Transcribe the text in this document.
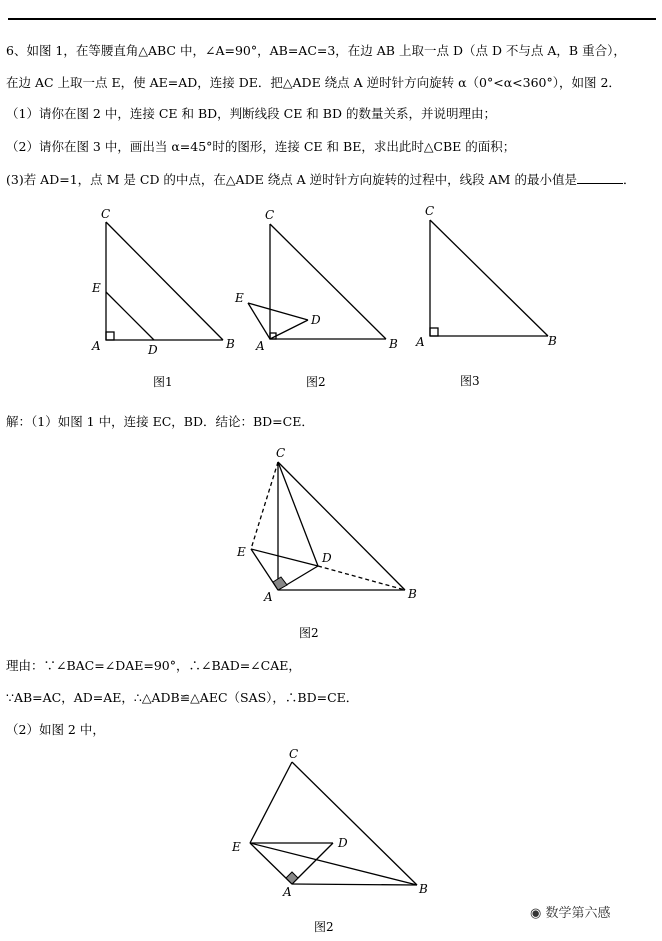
6、如图 1，在等腰直角△ABC 中，∠A=90°，AB=AC=3，在边 AB 上取一点 D（点 D 不与点 A，B 重合），
在边 AC 上取一点 E，使 AE=AD，连接 DE．把△ADE 绕点 A 逆时针方向旋转 α（0°<α<360°），如图 2．
（1）请你在图 2 中，连接 CE 和 BD，判断线段 CE 和 BD 的数量关系，并说明理由；
（2）请你在图 3 中，画出当 α=45°时的图形，连接 CE 和 BE，求出此时△CBE 的面积；
(3)若 AD=1，点 M 是 CD 的中点，在△ADE 绕点 A 逆时针方向旋转的过程中，线段 AM 的最小值是	．
C
E
A	D	B
图1
C
E
D
A	B
图2
C
A	B
图3
C
E	D
A	B
图2
C
E	D
A	B
图2
解：（1）如图 1 中，连接 EC，BD．结论：BD=CE．
理由：∵∠BAC=∠DAE=90°，∴∠BAD=∠CAE，
∵AB=AC，AD=AE，∴△ADB≌△AEC（SAS），∴BD=CE．
（2）如图 2 中，
◉ 数学第六感
